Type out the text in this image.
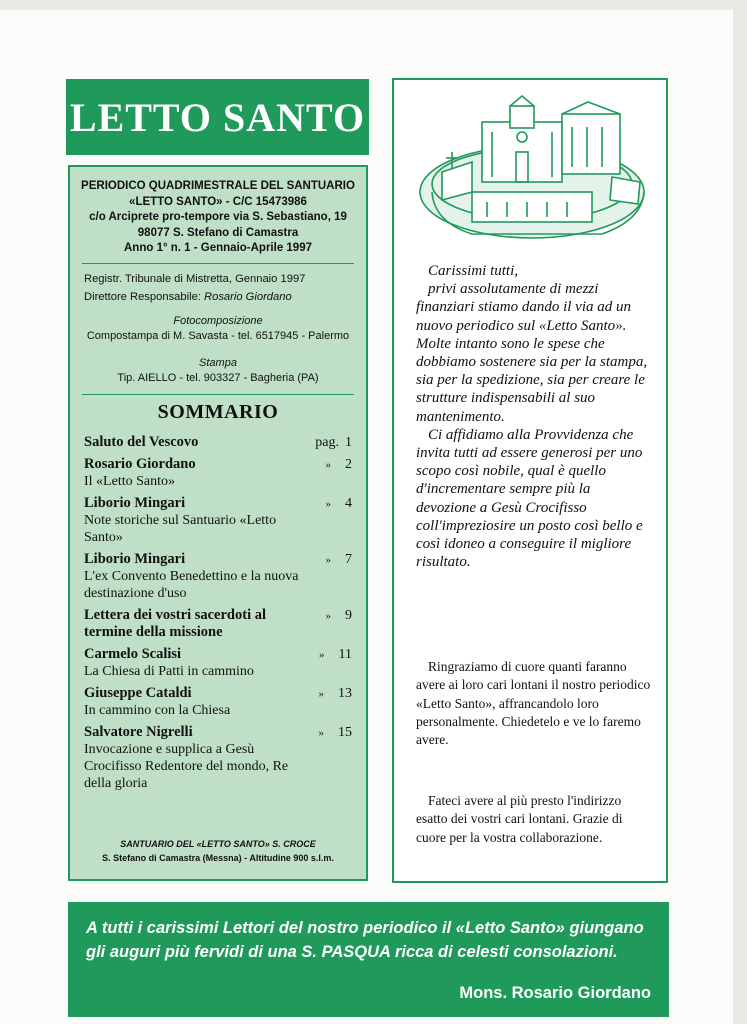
LETTO SANTO
PERIODICO QUADRIMESTRALE DEL SANTUARIO
«LETTO SANTO» - C/C 15473986
c/o Arciprete pro-tempore via S. Sebastiano, 19
98077 S. Stefano di Camastra
Anno 1° n. 1 - Gennaio-Aprile 1997
Registr. Tribunale di Mistretta, Gennaio 1997
Direttore Responsabile: Rosario Giordano
Fotocomposizione
Compostampa di M. Savasta - tel. 6517945 - Palermo
Stampa
Tip. AIELLO - tel. 903327 - Bagheria (PA)
SOMMARIO
Saluto del Vescovo	pag. 1
Rosario Giordano
Il «Letto Santo»
» 2
Liborio Mingari
Note storiche sul Santuario «Letto Santo»
» 4
Liborio Mingari
L'ex Convento Benedettino e la nuova destinazione d'uso
» 7
Lettera dei vostri sacerdoti al termine della missione
» 9
Carmelo Scalisi
La Chiesa di Patti in cammino
» 11
Giuseppe Cataldi
In cammino con la Chiesa
» 13
Salvatore Nigrelli
Invocazione e supplica a Gesù Crocifisso Redentore del mondo, Re della gloria
» 15
SANTUARIO DEL «LETTO SANTO» S. CROCE
S. Stefano di Camastra (Messna) - Altitudine 900 s.l.m.

Carissimi tutti,

privi assolutamente di mezzi finanziari stiamo dando il via ad un nuovo periodico sul «Letto Santo». Molte intanto sono le spese che dobbiamo sostenere sia per la stampa, sia per la spedizione, sia per creare le strutture indispensabili al suo mantenimento.

Ci affidiamo alla Provvidenza che invita tutti ad essere generosi per uno scopo così nobile, qual è quello d'incrementare sempre più la devozione a Gesù Crocifisso coll'impreziosire un posto così bello e così idoneo a conseguire il migliore risultato.

Ringraziamo di cuore quanti faranno avere ai loro cari lontani il nostro periodico «Letto Santo», affrancandolo loro personalmente. Chiedetelo e ve lo faremo avere.

Fateci avere al più presto l'indirizzo esatto dei vostri cari lontani. Grazie di cuore per la vostra collaborazione.

A tutti i carissimi Lettori del nostro periodico il «Letto Santo» giungano gli auguri più fervidi di una S. PASQUA ricca di celesti consolazioni.
Mons. Rosario Giordano
